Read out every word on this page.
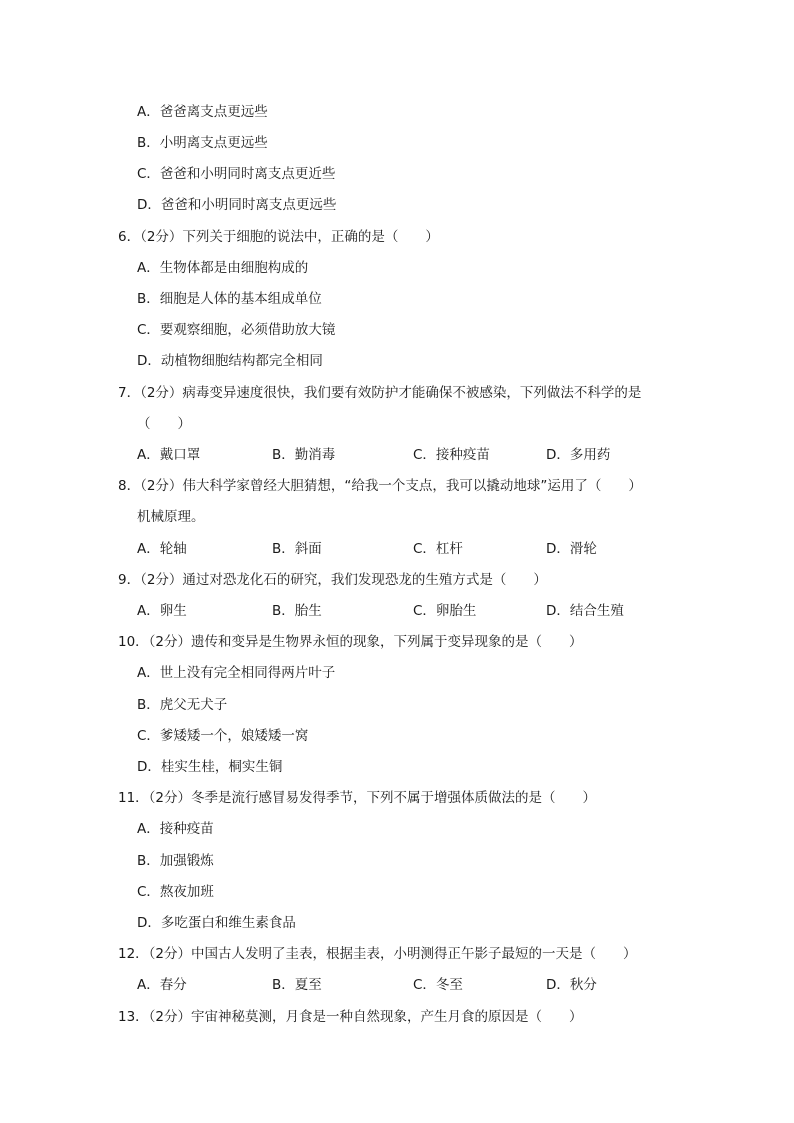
A．爸爸离支点更远些
B．小明离支点更远些
C．爸爸和小明同时离支点更近些
D．爸爸和小明同时离支点更远些
6．（2分）下列关于细胞的说法中，正确的是（　　）
A．生物体都是由细胞构成的
B．细胞是人体的基本组成单位
C．要观察细胞，必须借助放大镜
D．动植物细胞结构都完全相同
7．（2分）病毒变异速度很快，我们要有效防护才能确保不被感染，下列做法不科学的是
（　　）
A．戴口罩	B．勤消毒	C．接种疫苗	D．多用药
8．（2分）伟大科学家曾经大胆猜想，“给我一个支点，我可以撬动地球”运用了（　　）
机械原理。
A．轮轴	B．斜面	C．杠杆	D．滑轮
9．（2分）通过对恐龙化石的研究，我们发现恐龙的生殖方式是（　　）
A．卵生	B．胎生	C．卵胎生	D．结合生殖
10．（2分）遗传和变异是生物界永恒的现象，下列属于变异现象的是（　　）
A．世上没有完全相同得两片叶子
B．虎父无犬子
C．爹矮矮一个，娘矮矮一窝
D．桂实生桂，桐实生铜
11．（2分）冬季是流行感冒易发得季节，下列不属于增强体质做法的是（　　）
A．接种疫苗
B．加强锻炼
C．熬夜加班
D．多吃蛋白和维生素食品
12．（2分）中国古人发明了圭表，根据圭表，小明测得正午影子最短的一天是（　　）
A．春分	B．夏至	C．冬至	D．秋分
13．（2分）宇宙神秘莫测，月食是一种自然现象，产生月食的原因是（　　）
